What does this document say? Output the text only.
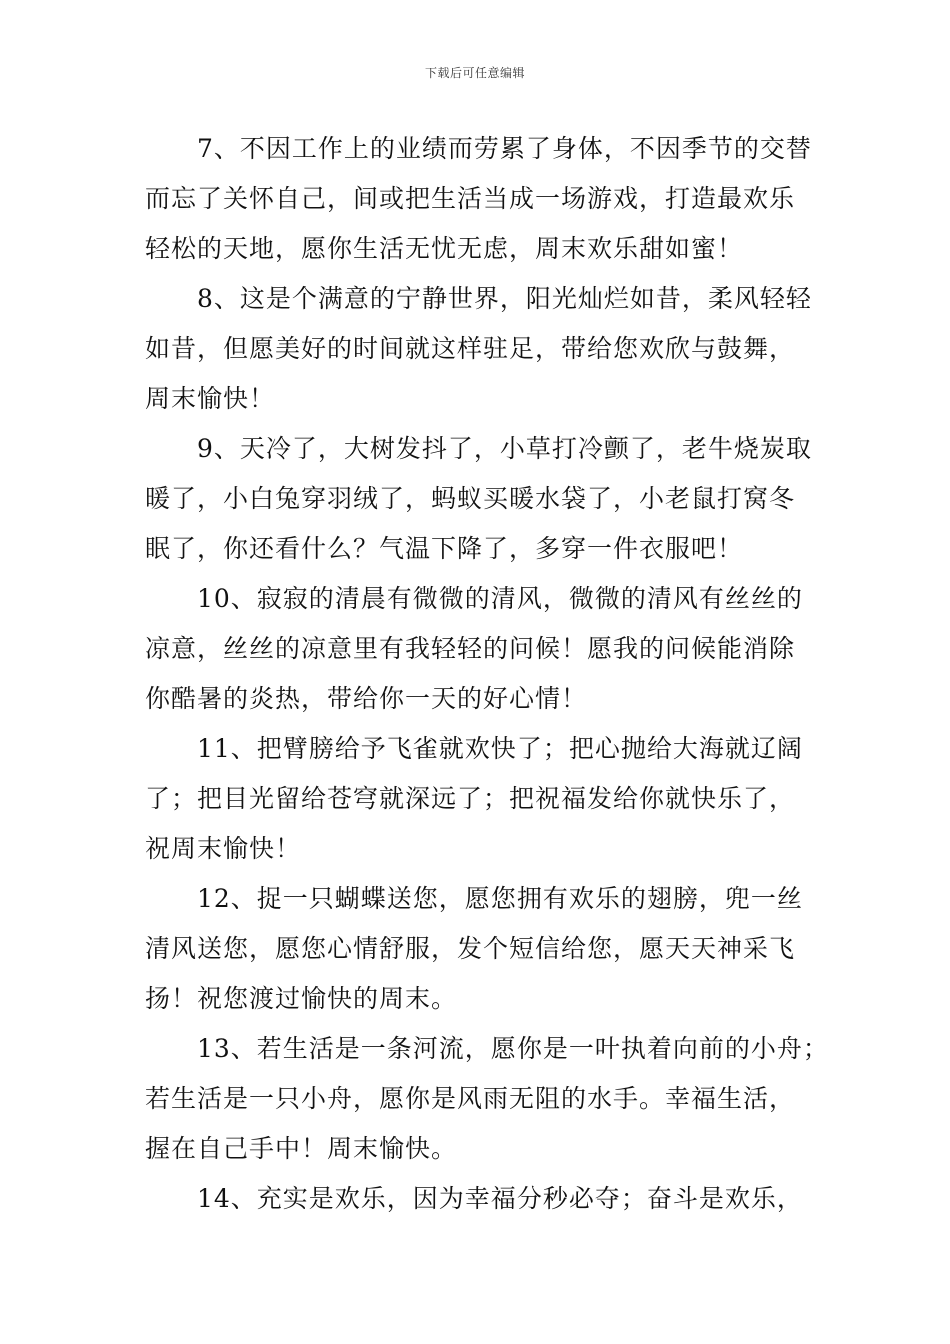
下载后可任意编辑
7、不因工作上的业绩而劳累了身体，不因季节的交替
而忘了关怀自己，间或把生活当成一场游戏，打造最欢乐
轻松的天地，愿你生活无忧无虑，周末欢乐甜如蜜！
8、这是个满意的宁静世界，阳光灿烂如昔，柔风轻轻
如昔，但愿美好的时间就这样驻足，带给您欢欣与鼓舞，
周末愉快！
9、天冷了，大树发抖了，小草打冷颤了，老牛烧炭取
暖了，小白兔穿羽绒了，蚂蚁买暖水袋了，小老鼠打窝冬
眠了，你还看什么？气温下降了，多穿一件衣服吧！
10、寂寂的清晨有微微的清风，微微的清风有丝丝的
凉意，丝丝的凉意里有我轻轻的问候！愿我的问候能消除
你酷暑的炎热，带给你一天的好心情！
11、把臂膀给予飞雀就欢快了；把心抛给大海就辽阔
了；把目光留给苍穹就深远了；把祝福发给你就快乐了，
祝周末愉快！
12、捉一只蝴蝶送您，愿您拥有欢乐的翅膀，兜一丝
清风送您，愿您心情舒服，发个短信给您，愿天天神采飞
扬！祝您渡过愉快的周末。
13、若生活是一条河流，愿你是一叶执着向前的小舟；
若生活是一只小舟，愿你是风雨无阻的水手。幸福生活，
握在自己手中！周末愉快。
14、充实是欢乐，因为幸福分秒必夺；奋斗是欢乐，
